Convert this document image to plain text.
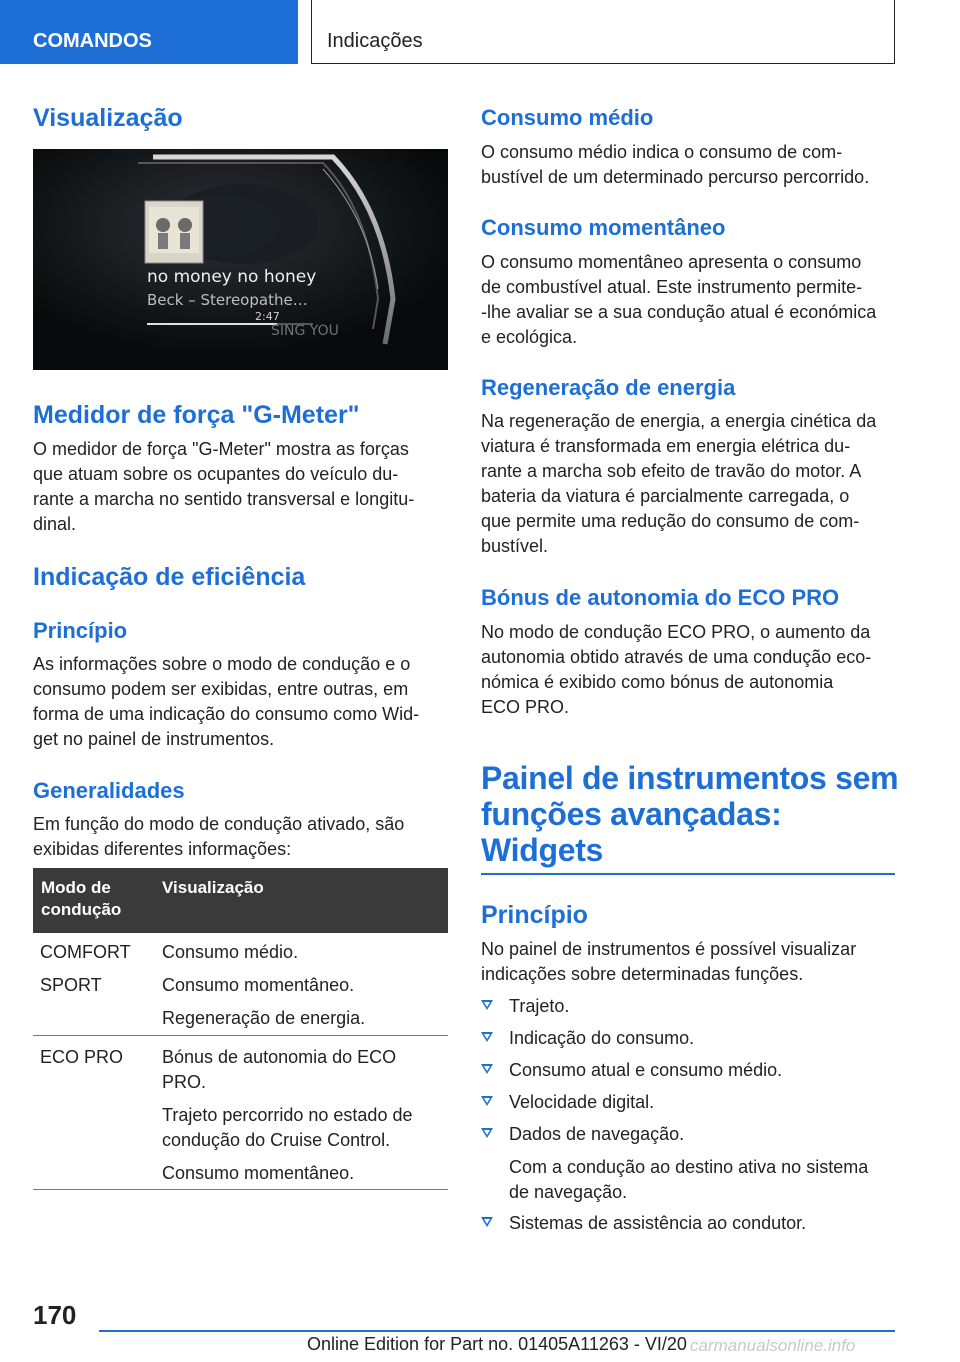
COMANDOS	Indicações
Visualização
no money no honey
Beck – Stereopathe…
2:47
SING YOU
Medidor de força "G-Meter"
O medidor de força "G-Meter" mostra as forças
que atuam sobre os ocupantes do veículo du‐
rante a marcha no sentido transversal e longitu‐
dinal.
Indicação de eficiência
Princípio
As informações sobre o modo de condução e o
consumo podem ser exibidas, entre outras, em
forma de uma indicação do consumo como Wid‐
get no painel de instrumentos.
Generalidades
Em função do modo de condução ativado, são
exibidas diferentes informações:
Modo de
condução
Visualização
COMFORT
SPORT
Consumo médio.
Consumo momentâneo.
Regeneração de energia.
ECO PRO Bónus de autonomia do ECO
PRO.
Trajeto percorrido no estado de
condução do Cruise Control.
Consumo momentâneo.
Consumo médio
O consumo médio indica o consumo de com‐
bustível de um determinado percurso percorrido.
Consumo momentâneo
O consumo momentâneo apresenta o consumo
de combustível atual. Este instrumento permite‐
-lhe avaliar se a sua condução atual é económica
e ecológica.
Regeneração de energia
Na regeneração de energia, a energia cinética da
viatura é transformada em energia elétrica du‐
rante a marcha sob efeito de travão do motor. A
bateria da viatura é parcialmente carregada, o
que permite uma redução do consumo de com‐
bustível.
Bónus de autonomia do ECO PRO
No modo de condução ECO PRO, o aumento da
autonomia obtido através de uma condução eco‐
nómica é exibido como bónus de autonomia
ECO PRO.
Painel de instrumentos sem
funções avançadas:
Widgets
Princípio
No painel de instrumentos é possível visualizar
indicações sobre determinadas funções.
Trajeto.
Indicação do consumo.
Consumo atual e consumo médio.
Velocidade digital.
Dados de navegação.
Com a condução ao destino ativa no sistema
de navegação.
Sistemas de assistência ao condutor.
170
Online Edition for Part no. 01405A11263 - VI/20 carmanualsonline.info
